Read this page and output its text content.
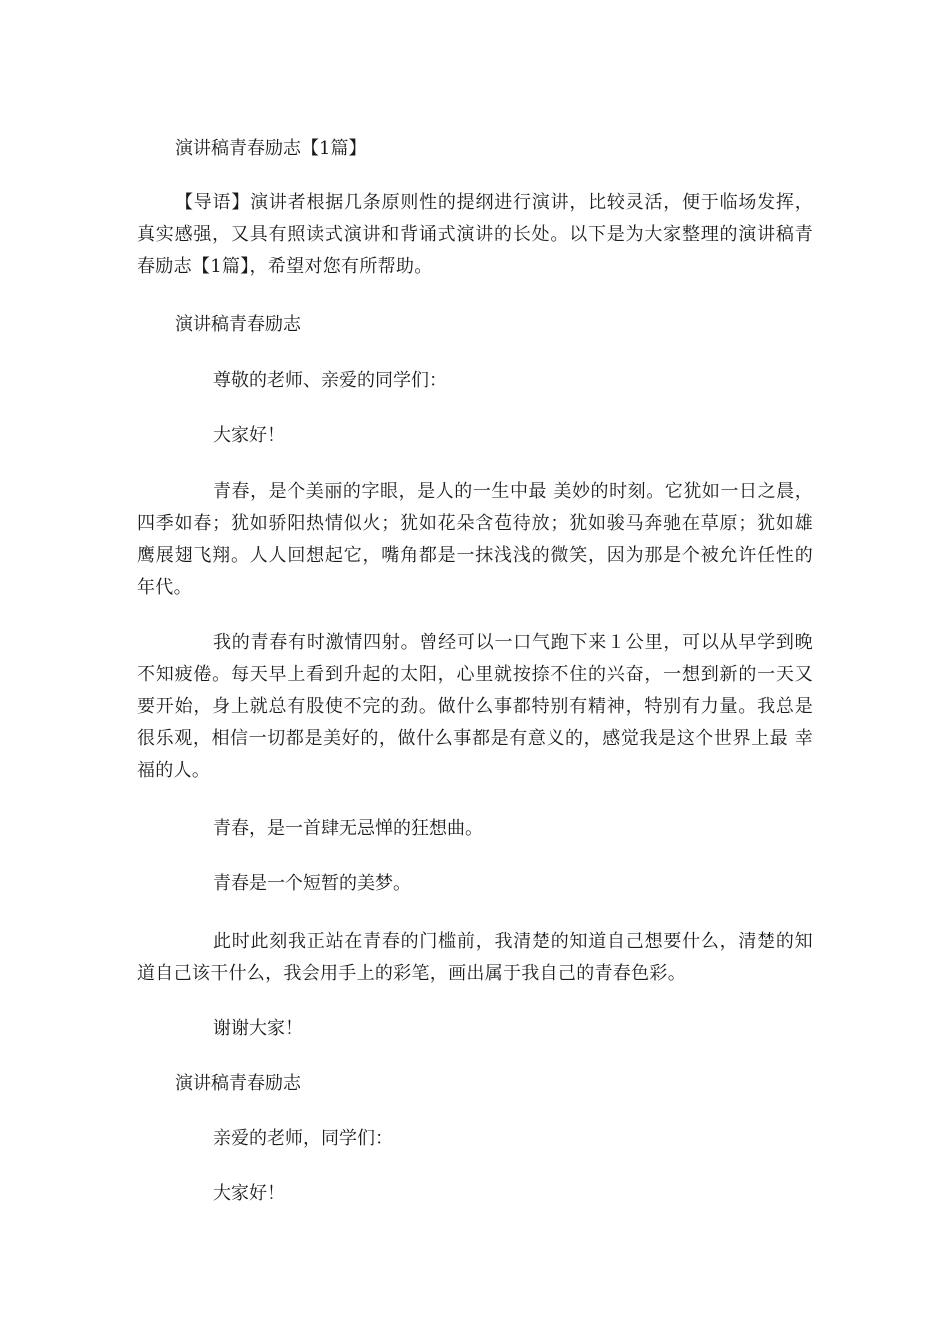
演讲稿青春励志【1篇】

【导语】演讲者根据几条原则性的提纲进行演讲，比较灵活，便于临场发挥，真实感强，又具有照读式演讲和背诵式演讲的长处。以下是为大家整理的演讲稿青春励志【1篇】，希望对您有所帮助。

演讲稿青春励志

尊敬的老师、亲爱的同学们：

大家好！

青春，是个美丽的字眼，是人的一生中最 美妙的时刻。它犹如一日之晨，四季如春；犹如骄阳热情似火；犹如花朵含苞待放；犹如骏马奔驰在草原；犹如雄鹰展翅飞翔。人人回想起它，嘴角都是一抹浅浅的微笑，因为那是个被允许任性的年代。

我的青春有时激情四射。曾经可以一口气跑下来１公里，可以从早学到晚不知疲倦。每天早上看到升起的太阳，心里就按捺不住的兴奋，一想到新的一天又要开始，身上就总有股使不完的劲。做什么事都特别有精神，特别有力量。我总是很乐观，相信一切都是美好的，做什么事都是有意义的，感觉我是这个世界上最 幸福的人。

青春，是一首肆无忌惮的狂想曲。

青春是一个短暂的美梦。

此时此刻我正站在青春的门槛前，我清楚的知道自己想要什么，清楚的知道自己该干什么，我会用手上的彩笔，画出属于我自己的青春色彩。

谢谢大家！

演讲稿青春励志

亲爱的老师，同学们：

大家好！
